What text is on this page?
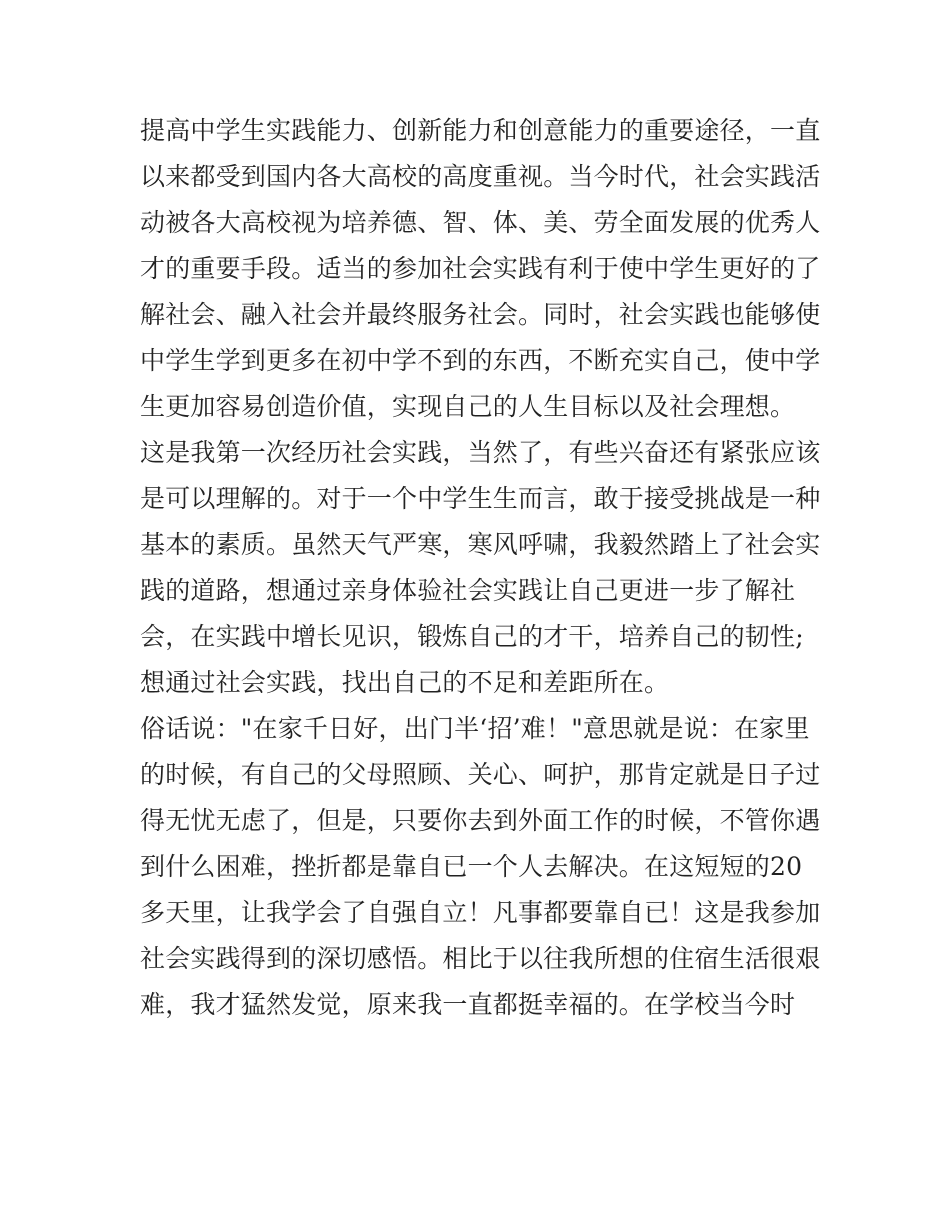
提高中学生实践能力、创新能力和创意能力的重要途径，一直
以来都受到国内各大高校的高度重视。当今时代，社会实践活
动被各大高校视为培养德、智、体、美、劳全面发展的优秀人
才的重要手段。适当的参加社会实践有利于使中学生更好的了
解社会、融入社会并最终服务社会。同时，社会实践也能够使
中学生学到更多在初中学不到的东西，不断充实自己，使中学
生更加容易创造价值，实现自己的人生目标以及社会理想。
这是我第一次经历社会实践，当然了，有些兴奋还有紧张应该
是可以理解的。对于一个中学生生而言，敢于接受挑战是一种
基本的素质。虽然天气严寒，寒风呼啸，我毅然踏上了社会实
践的道路，想通过亲身体验社会实践让自己更进一步了解社
会，在实践中增长见识，锻炼自己的才干，培养自己的韧性;
想通过社会实践，找出自己的不足和差距所在。
俗话说："在家千日好，出门半‘招’难！"意思就是说：在家里
的时候，有自己的父母照顾、关心、呵护，那肯定就是日子过
得无忧无虑了，但是，只要你去到外面工作的时候，不管你遇
到什么困难，挫折都是靠自已一个人去解决。在这短短的20
多天里，让我学会了自强自立！凡事都要靠自已！这是我参加
社会实践得到的深切感悟。相比于以往我所想的住宿生活很艰
难，我才猛然发觉，原来我一直都挺幸福的。在学校当今时
